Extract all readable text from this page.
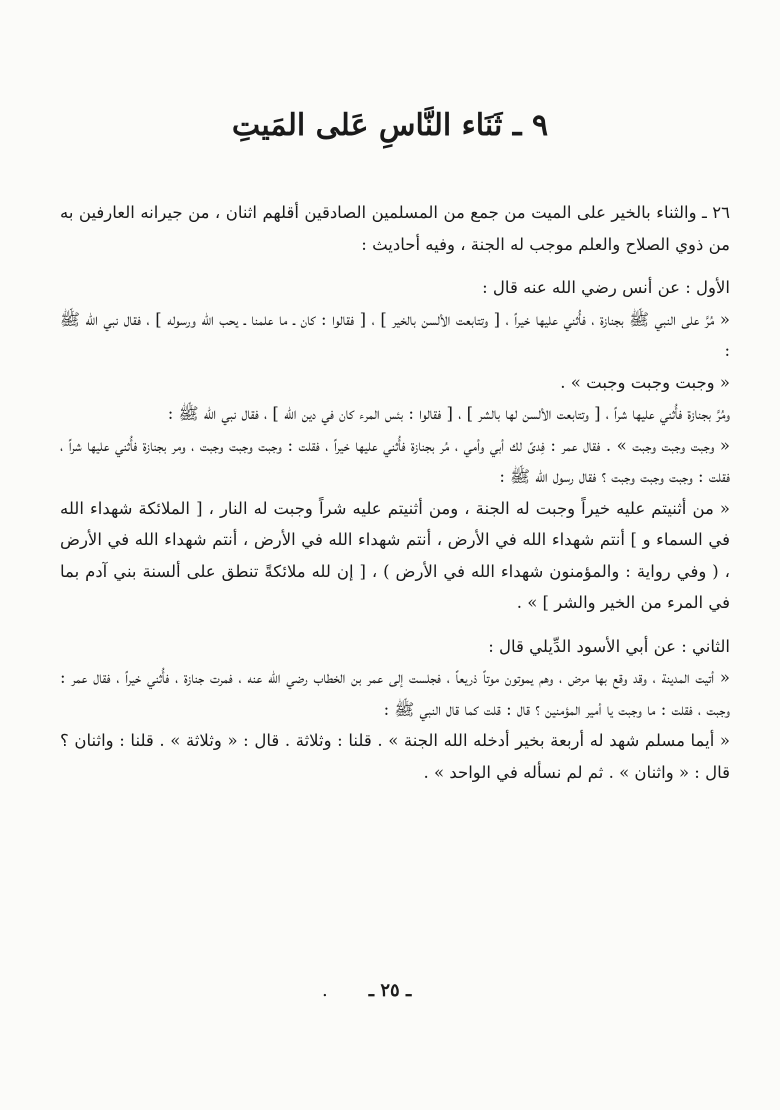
٩ ـ ثَنَاء النَّاسِ عَلى المَيتِ

٢٦ ـ والثناء بالخير على الميت من جمع من المسلمين الصادقين أقلهم اثنان ، من جيرانه العارفين به من ذوي الصلاح والعلم موجب له الجنة ، وفيه أحاديث :

الأول : عن أنس رضي الله عنه قال :

« مُرَّ على النبي ﷺ بجنازة ، فأُثني عليها خيراً ، [ وتتابعت الألسن بالخير ] ، [ فقالوا : كان ـ ما علمنا ـ يحب الله ورسوله ] ، فقال نبي الله ﷺ :

« وجبت وجبت وجبت » .

ومُرَّ بجنازة فأُثني عليها شراً ، [ وتتابعت الألسن لها بالشر ] ، [ فقالوا : بئس المرء كان في دين الله ] ، فقال نبي الله ﷺ :

« وجبت وجبت وجبت » . فقال عمر : فِدىً لك أبي وأمي ، مُر بجنازة فأُثني عليها خيراً ، فقلت : وجبت وجبت وجبت ، ومر بجنازة فأُثني عليها شراً ، فقلت : وجبت وجبت وجبت ؟ فقال رسول الله ﷺ :

« من أثنيتم عليه خيراً وجبت له الجنة ، ومن أثنيتم عليه شراً وجبت له النار ، [ الملائكة شهداء الله في السماء و ] أنتم شهداء الله في الأرض ، أنتم شهداء الله في الأرض ، أنتم شهداء الله في الأرض ، ( وفي رواية : والمؤمنون شهداء الله في الأرض ) ، [ إن لله ملائكةً تنطق على ألسنة بني آدم بما في المرء من الخير والشر ] » .

الثاني : عن أبي الأسود الدِّيلي قال :

« أتيت المدينة ، وقد وقع بها مرض ، وهم يموتون موتاً ذريعاً ، فجلست إلى عمر بن الخطاب رضي الله عنه ، فمرت جنازة ، فأُثني خيراً ، فقال عمر : وجبت ، فقلت : ما وجبت يا أمير المؤمنين ؟ قال : قلت كما قال النبي ﷺ :

« أيما مسلم شهد له أربعة بخير أدخله الله الجنة » . قلنا : وثلاثة . قال : « وثلاثة » . قلنا : واثنان ؟ قال : « واثنان » . ثم لم نسأله في الواحد » .

. ـ ٢٥ ـ
